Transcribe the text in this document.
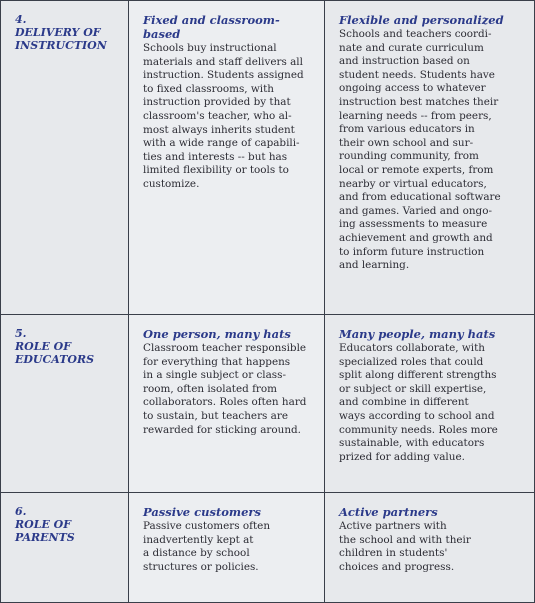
4.
DELIVERY OF
INSTRUCTION
Fixed and classroom-based
Schools buy instructional
materials and staff delivers all
instruction. Students assigned
to fixed classrooms, with
instruction provided by that
classroom's teacher, who al-
most always inherits student
with a wide range of capabili-
ties and interests -- but has
limited flexibility or tools to
customize.
Flexible and personalized
Schools and teachers coordi-
nate and curate curriculum
and instruction based on
student needs. Students have
ongoing access to whatever
instruction best matches their
learning needs -- from peers,
from various educators in
their own school and sur-
rounding community, from
local or remote experts, from
nearby or virtual educators,
and from educational software
and games. Varied and ongo-
ing assessments to measure
achievement and growth and
to inform future instruction
and learning.
5.
ROLE OF
EDUCATORS
One person, many hats
Classroom teacher responsible
for everything that happens
in a single subject or class-
room, often isolated from
collaborators. Roles often hard
to sustain, but teachers are
rewarded for sticking around.
Many people, many hats
Educators collaborate, with
specialized roles that could
split along different strengths
or subject or skill expertise,
and combine in different
ways according to school and
community needs. Roles more
sustainable, with educators
prized for adding value.
6.
ROLE OF
PARENTS
Passive customers
Passive customers often
inadvertently kept at
a distance by school
structures or policies.
Active partners
Active partners with
the school and with their
children in students'
choices and progress.
